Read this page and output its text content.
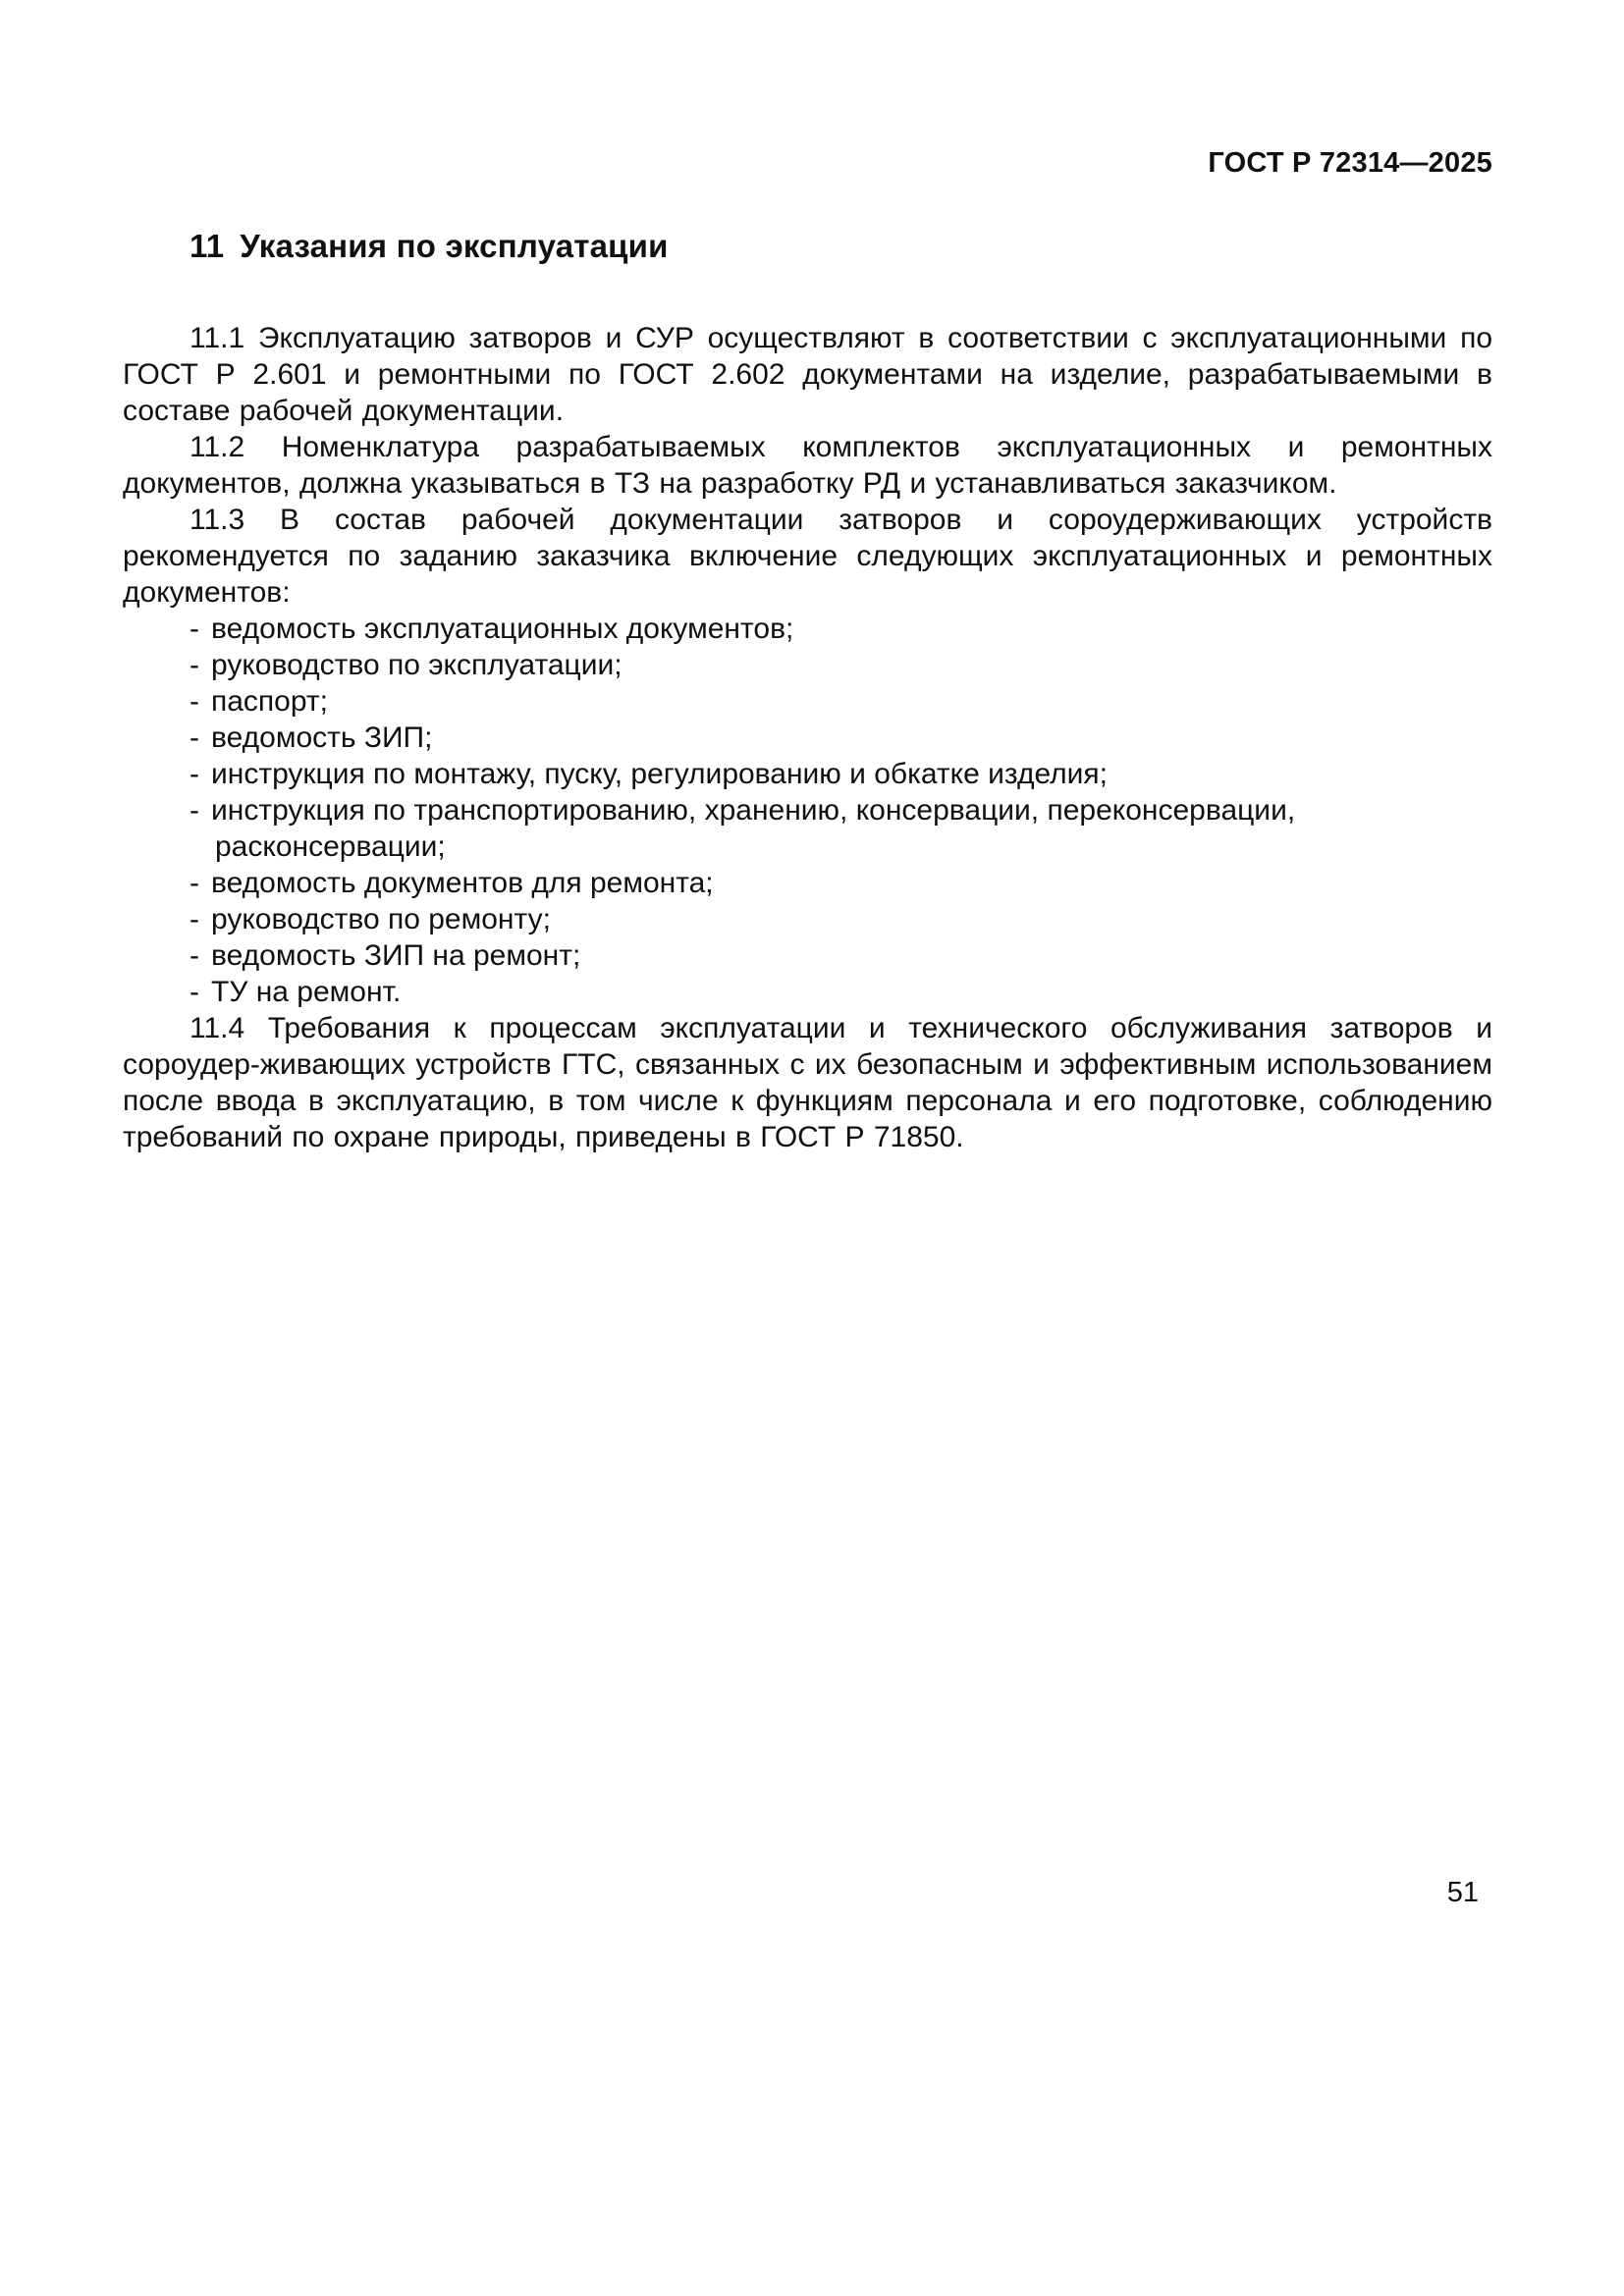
ГОСТ Р 72314—2025
11 Указания по эксплуатации

11.1 Эксплуатацию затворов и СУР осуществляют в соответствии с эксплуатационными по ГОСТ Р 2.601 и ремонтными по ГОСТ 2.602 документами на изделие, разрабатываемыми в составе рабочей документации.

11.2 Номенклатура разрабатываемых комплектов эксплуатационных и ремонтных документов, должна указываться в ТЗ на разработку РД и устанавливаться заказчиком.

11.3 В состав рабочей документации затворов и сороудерживающих устройств рекомендуется по заданию заказчика включение следующих эксплуатационных и ремонтных документов:

- ведомость эксплуатационных документов;
- руководство по эксплуатации;
- паспорт;
- ведомость ЗИП;
- инструкция по монтажу, пуску, регулированию и обкатке изделия;
- инструкция по транспортированию, хранению, консервации, переконсервации, расконсервации;
- ведомость документов для ремонта;
- руководство по ремонту;
- ведомость ЗИП на ремонт;
- ТУ на ремонт.

11.4 Требования к процессам эксплуатации и технического обслуживания затворов и сороудер-живающих устройств ГТС, связанных с их безопасным и эффективным использованием после ввода в эксплуатацию, в том числе к функциям персонала и его подготовке, соблюдению требований по охране природы, приведены в ГОСТ Р 71850.

51
